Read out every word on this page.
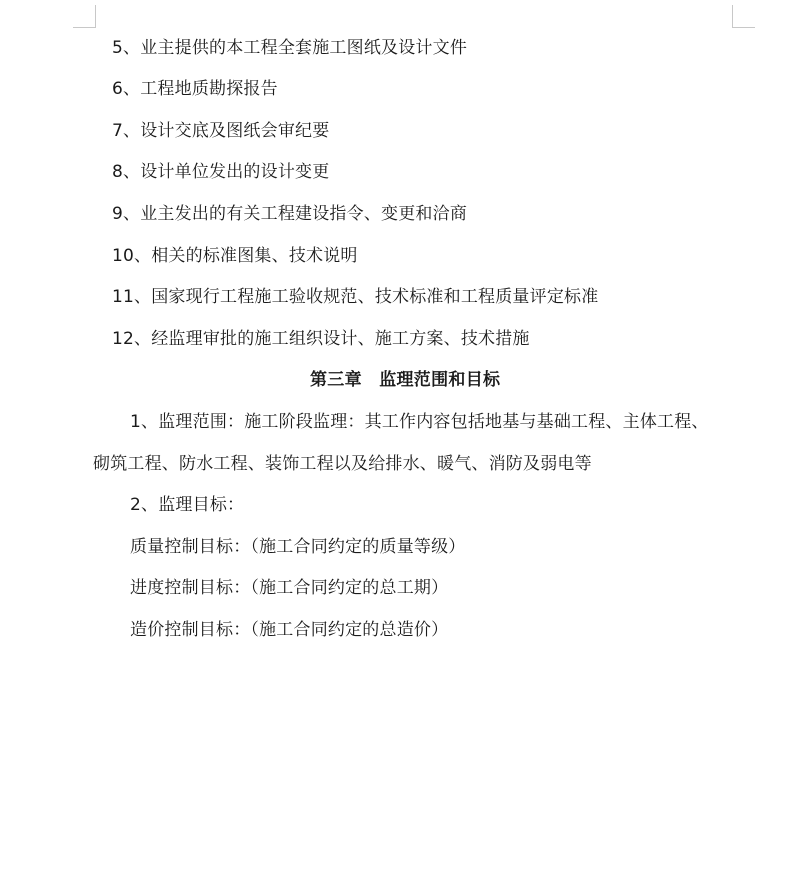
5、业主提供的本工程全套施工图纸及设计文件
6、工程地质勘探报告
7、设计交底及图纸会审纪要
8、设计单位发出的设计变更
9、业主发出的有关工程建设指令、变更和洽商
10、相关的标准图集、技术说明
11、国家现行工程施工验收规范、技术标准和工程质量评定标准
12、经监理审批的施工组织设计、施工方案、技术措施
第三章　监理范围和目标
1、监理范围：施工阶段监理：其工作内容包括地基与基础工程、主体工程、
砌筑工程、防水工程、装饰工程以及给排水、暖气、消防及弱电等
2、监理目标：
质量控制目标：（施工合同约定的质量等级）
进度控制目标：（施工合同约定的总工期）
造价控制目标：（施工合同约定的总造价）
